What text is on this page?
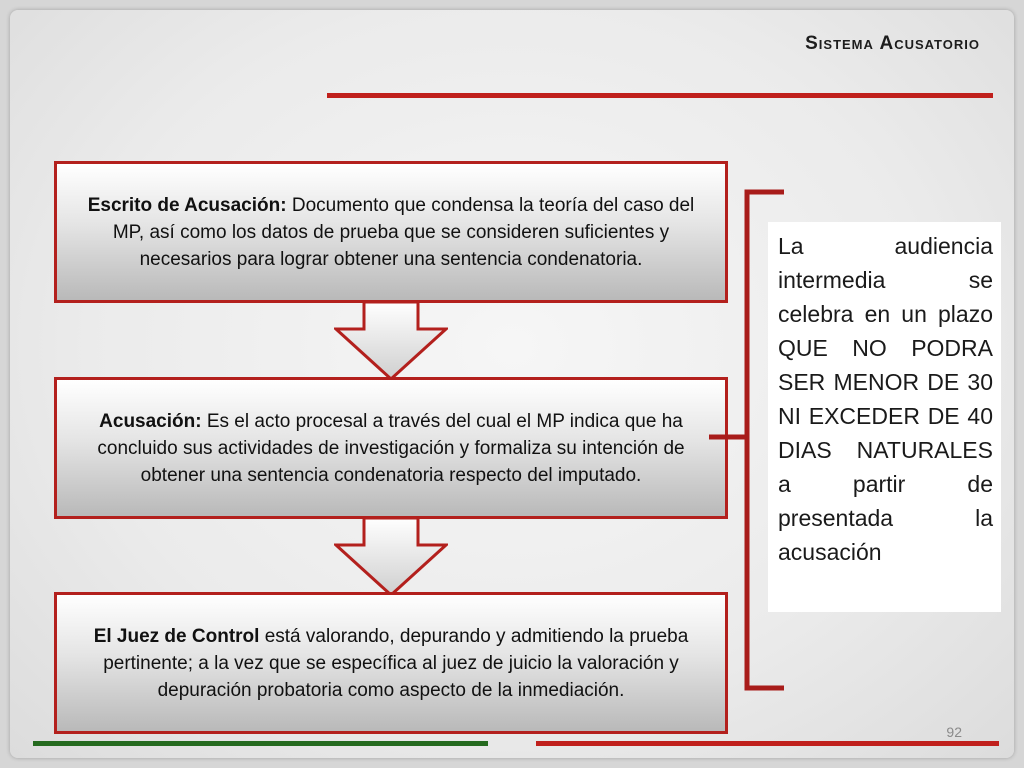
Sistema Acusatorio
Escrito de Acusación: Documento que condensa la teoría del caso del MP, así como los datos de prueba que se consideren suficientes y necesarios para lograr obtener una sentencia condenatoria.
Acusación: Es el acto procesal a través del cual el MP indica que ha concluido sus actividades de investigación y formaliza su intención de obtener una sentencia condenatoria respecto del imputado.
El Juez de Control está valorando, depurando y admitiendo la prueba pertinente; a la vez que se específica al juez de juicio la valoración y depuración probatoria como aspecto de la inmediación.
La audiencia intermedia se celebra en un plazo QUE NO PODRA SER MENOR DE 30 NI EXCEDER DE 40 DIAS NATURALES a partir de presentada la acusación
92
